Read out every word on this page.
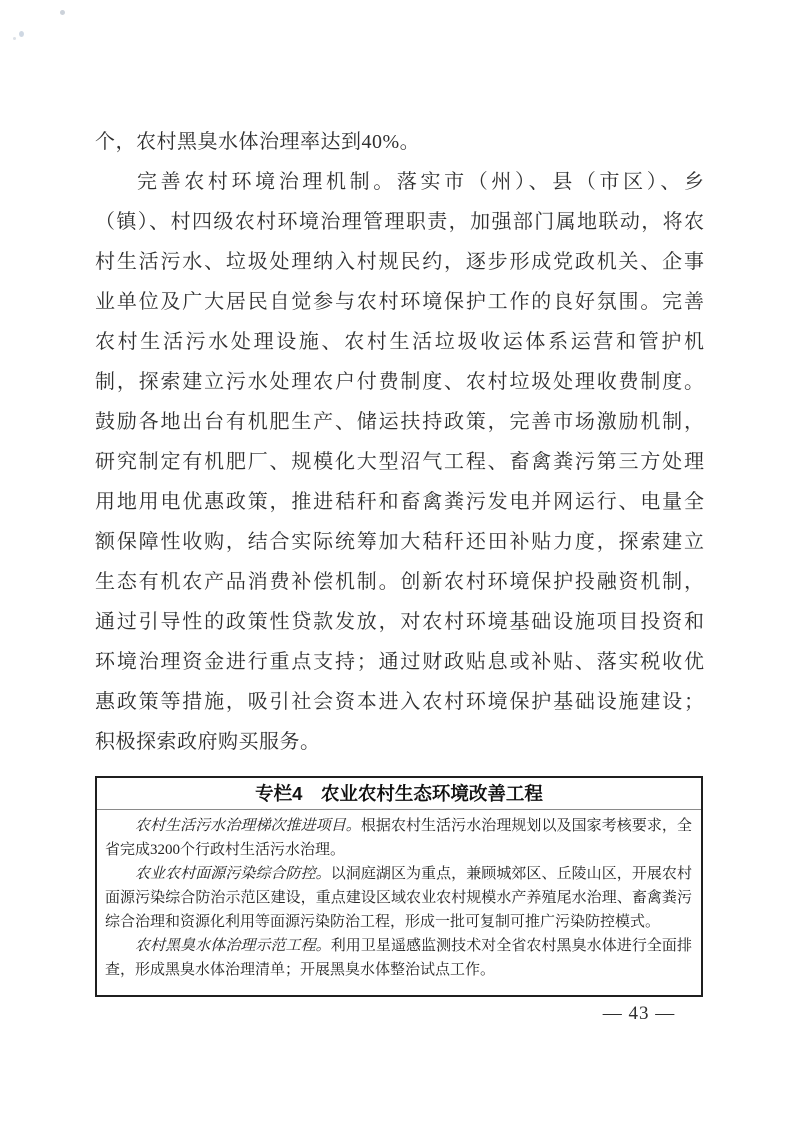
个，农村黑臭水体治理率达到40%。
完善农村环境治理机制。落实市（州）、县（市区）、乡
（镇）、村四级农村环境治理管理职责，加强部门属地联动，将农
村生活污水、垃圾处理纳入村规民约，逐步形成党政机关、企事
业单位及广大居民自觉参与农村环境保护工作的良好氛围。完善
农村生活污水处理设施、农村生活垃圾收运体系运营和管护机
制，探索建立污水处理农户付费制度、农村垃圾处理收费制度。
鼓励各地出台有机肥生产、储运扶持政策，完善市场激励机制，
研究制定有机肥厂、规模化大型沼气工程、畜禽粪污第三方处理
用地用电优惠政策，推进秸秆和畜禽粪污发电并网运行、电量全
额保障性收购，结合实际统筹加大秸秆还田补贴力度，探索建立
生态有机农产品消费补偿机制。创新农村环境保护投融资机制，
通过引导性的政策性贷款发放，对农村环境基础设施项目投资和
环境治理资金进行重点支持；通过财政贴息或补贴、落实税收优
惠政策等措施，吸引社会资本进入农村环境保护基础设施建设；
积极探索政府购买服务。
专栏4　农业农村生态环境改善工程

农村生活污水治理梯次推进项目。根据农村生活污水治理规划以及国家考核要求，全省完成3200个行政村生活污水治理。

农业农村面源污染综合防控。以洞庭湖区为重点，兼顾城郊区、丘陵山区，开展农村面源污染综合防治示范区建设，重点建设区域农业农村规模水产养殖尾水治理、畜禽粪污综合治理和资源化利用等面源污染防治工程，形成一批可复制可推广污染防控模式。

农村黑臭水体治理示范工程。利用卫星遥感监测技术对全省农村黑臭水体进行全面排查，形成黑臭水体治理清单；开展黑臭水体整治试点工作。

— 43 —
